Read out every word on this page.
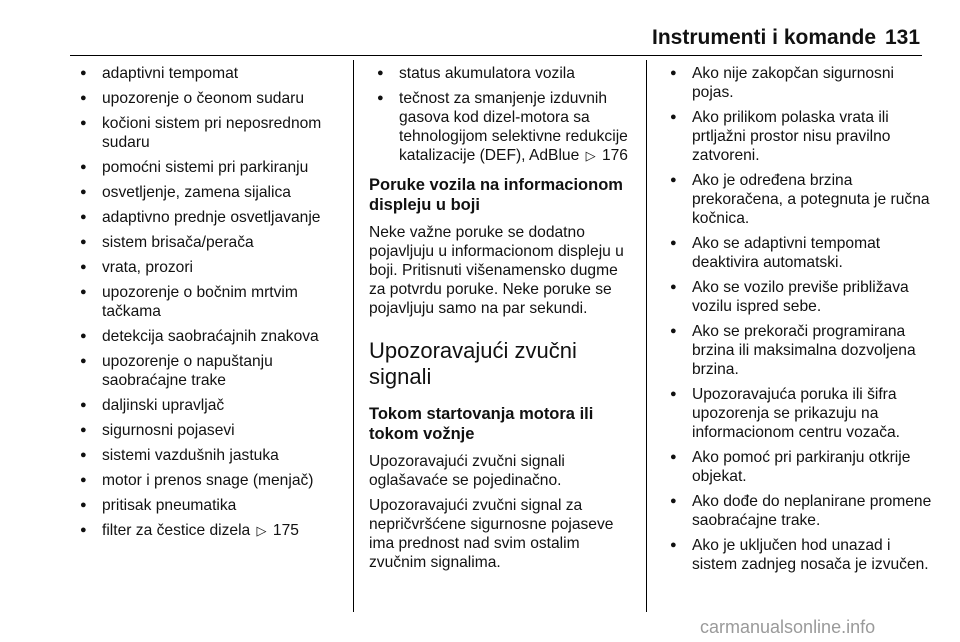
Instrumenti i komande 131
● adaptivni tempomat
● upozorenje o čeonom sudaru
● kočioni sistem pri neposrednom sudaru
● pomoćni sistemi pri parkiranju
● osvetljenje, zamena sijalica
● adaptivno prednje osvetljavanje
● sistem brisača/perača
● vrata, prozori
● upozorenje o bočnim mrtvim tačkama
● detekcija saobraćajnih znakova
● upozorenje o napuštanju saobraćajne trake
● daljinski upravljač
● sigurnosni pojasevi
● sistemi vazdušnih jastuka
● motor i prenos snage (menjač)
● pritisak pneumatika
● filter za čestice dizela ▷ 175
● status akumulatora vozila
● tečnost za smanjenje izduvnih gasova kod dizel-motora sa tehnologijom selektivne redukcije katalizacije (DEF), AdBlue ▷ 176
Poruke vozila na informacionom displeju u boji

Neke važne poruke se dodatno pojavljuju u informacionom displeju u boji. Pritisnuti višenamensko dugme za potvrdu poruke. Neke poruke se pojavljuju samo na par sekundi.

Upozoravajući zvučni signali
Tokom startovanja motora ili tokom vožnje

Upozoravajući zvučni signali oglašavaće se pojedinačno.

Upozoravajući zvučni signal za nepričvršćene sigurnosne pojaseve ima prednost nad svim ostalim zvučnim signalima.

● Ako nije zakopčan sigurnosni pojas.
● Ako prilikom polaska vrata ili prtljažni prostor nisu pravilno zatvoreni.
● Ako je određena brzina prekoračena, a potegnuta je ručna kočnica.
● Ako se adaptivni tempomat deaktivira automatski.
● Ako se vozilo previše približava vozilu ispred sebe.
● Ako se prekorači programirana brzina ili maksimalna dozvoljena brzina.
● Upozoravajuća poruka ili šifra upozorenja se prikazuju na informacionom centru vozača.
● Ako pomoć pri parkiranju otkrije objekat.
● Ako dođe do neplanirane promene saobraćajne trake.
● Ako je uključen hod unazad i sistem zadnjeg nosača je izvučen.
carmanualsonline.info
